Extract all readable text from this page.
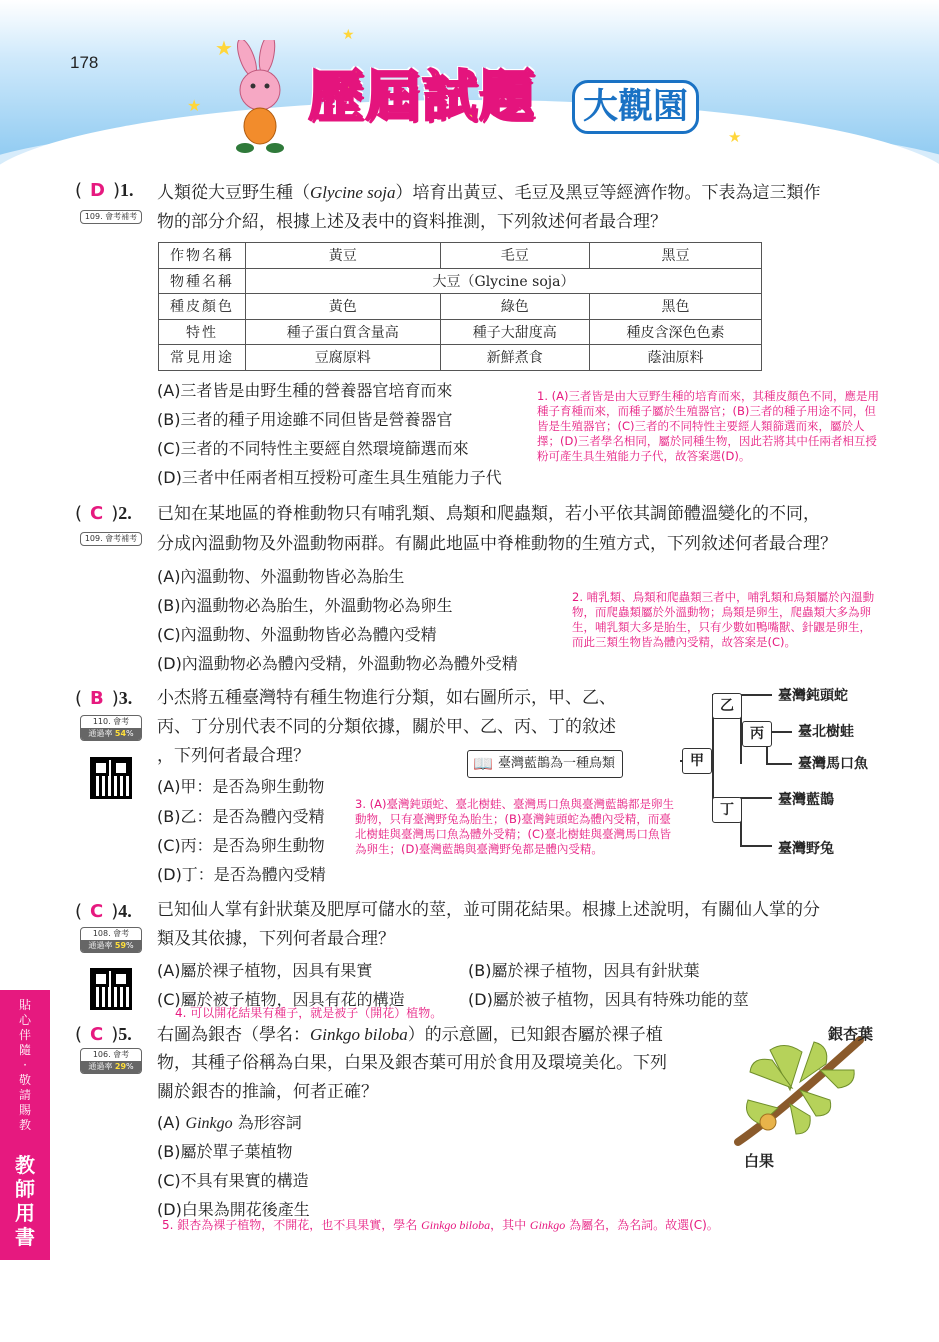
178
★
★
★
★
歷屆試題	大觀園
貼
心
伴
隨
·
敬
請
賜
教
教
師
用
書
( D )1.
109. 會考補考
人類從大豆野生種（Glycine soja）培育出黃豆、毛豆及黑豆等經濟作物。下表為這三類作
物的部分介紹，根據上述及表中的資料推測，下列敘述何者最合理？
作物名稱	黃豆	毛豆	黑豆
物種名稱	大豆（Glycine soja）		
種皮顏色	黃色	綠色	黑色
特性	種子蛋白質含量高	種子大甜度高	種皮含深色色素
常見用途	豆腐原料	新鮮煮食	蔭油原料
(A)三者皆是由野生種的營養器官培育而來
(B)三者的種子用途雖不同但皆是營養器官
(C)三者的不同特性主要經自然環境篩選而來
(D)三者中任兩者相互授粉可產生具生殖能力子代
1. (A)三者皆是由大豆野生種的培育而來，其種皮顏色不同，應是用種子育種而來，而種子屬於生殖器官；(B)三者的種子用途不同，但皆是生殖器官；(C)三者的不同特性主要經人類篩選而來，屬於人擇；(D)三者學名相同，屬於同種生物，因此若將其中任兩者相互授粉可產生具生殖能力子代，故答案選(D)。
( C )2.
109. 會考補考
已知在某地區的脊椎動物只有哺乳類、鳥類和爬蟲類，若小平依其調節體溫變化的不同，
分成內溫動物及外溫動物兩群。有關此地區中脊椎動物的生殖方式，下列敘述何者最合理？
(A)內溫動物、外溫動物皆必為胎生
(B)內溫動物必為胎生，外溫動物必為卵生
(C)內溫動物、外溫動物皆必為體內受精
(D)內溫動物必為體內受精，外溫動物必為體外受精
2. 哺乳類、鳥類和爬蟲類三者中，哺乳類和鳥類屬於內溫動物，而爬蟲類屬於外溫動物；鳥類是卵生，爬蟲類大多為卵生，哺乳類大多是胎生，只有少數如鴨嘴獸、針鼴是卵生，而此三類生物皆為體內受精，故答案是(C)。
( B )3.
110. 會考
通過率 54%
小杰將五種臺灣特有種生物進行分類，如右圖所示，甲、乙、
丙、丁分別代表不同的分類依據，關於甲、乙、丙、丁的敘述
，下列何者最合理？	📖 臺灣藍鵲為一種鳥類
(A)甲：是否為卵生動物
(B)乙：是否為體內受精
(C)丙：是否為卵生動物
(D)丁：是否為體內受精
3. (A)臺灣鈍頭蛇、臺北樹蛙、臺灣馬口魚與臺灣藍鵲都是卵生動物，只有臺灣野兔為胎生；(B)臺灣鈍頭蛇為體內受精，而臺北樹蛙與臺灣馬口魚為體外受精；(C)臺北樹蛙與臺灣馬口魚皆為卵生；(D)臺灣藍鵲與臺灣野兔都是體內受精。
甲
乙
丙
丁
臺灣鈍頭蛇
臺北樹蛙
臺灣馬口魚
臺灣藍鵲
臺灣野兔
( C )4.
108. 會考
通過率 59%
已知仙人掌有針狀葉及肥厚可儲水的莖，並可開花結果。根據上述說明，有關仙人掌的分
類及其依據，下列何者最合理？
(A)屬於裸子植物，因具有果實	(B)屬於裸子植物，因具有針狀葉
(C)屬於被子植物，因具有花的構造	(D)屬於被子植物，因具有特殊功能的莖
4. 可以開花結果有種子，就是被子（開花）植物。
( C )5.
106. 會考
通過率 29%
右圖為銀杏（學名：Ginkgo biloba）的示意圖，已知銀杏屬於裸子植
物，其種子俗稱為白果，白果及銀杏葉可用於食用及環境美化。下列
關於銀杏的推論，何者正確？
(A) Ginkgo 為形容詞
(B)屬於單子葉植物
(C)不具有果實的構造
(D)白果為開花後產生
5. 銀杏為裸子植物，不開花，也不具果實，學名 Ginkgo biloba，其中 Ginkgo 為屬名，為名詞。故選(C)。
銀杏葉
白果
